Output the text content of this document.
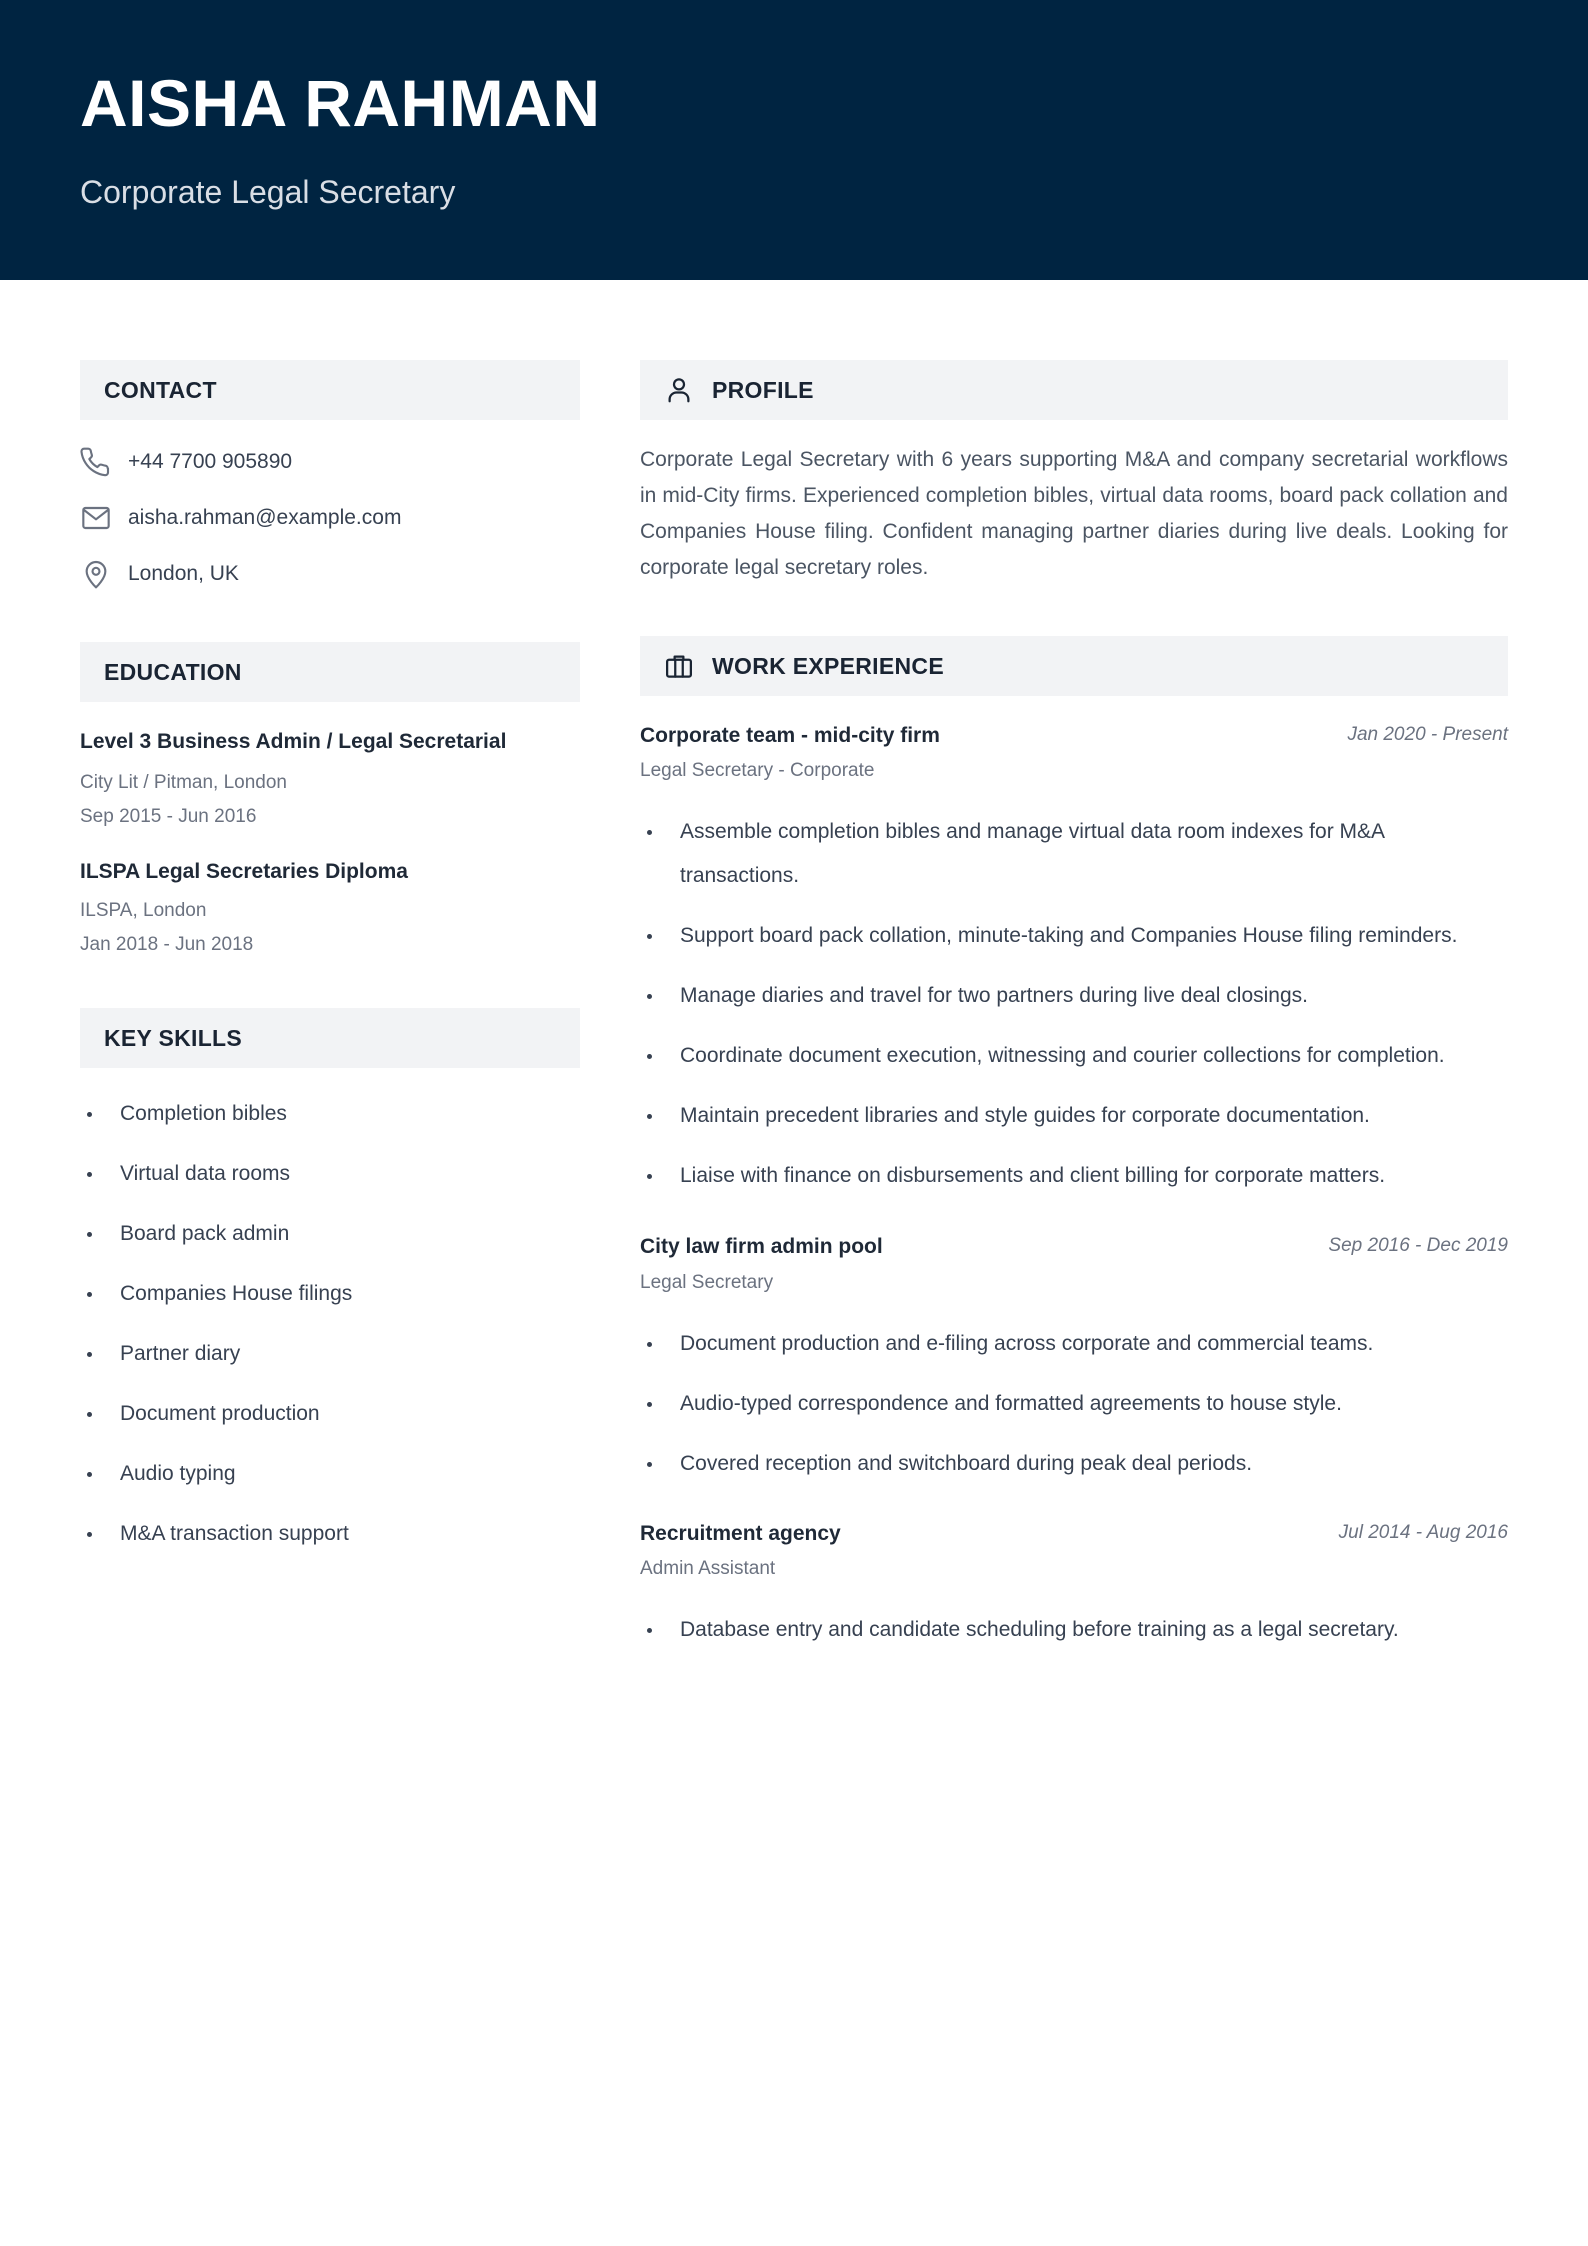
AISHA RAHMAN
Corporate Legal Secretary
CONTACT
+44 7700 905890
aisha.rahman@example.com
London, UK
EDUCATION
Level 3 Business Admin / Legal Secretarial
City Lit / Pitman, London
Sep 2015 - Jun 2016
ILSPA Legal Secretaries Diploma
ILSPA, London
Jan 2018 - Jun 2018
KEY SKILLS
Completion bibles
Virtual data rooms
Board pack admin
Companies House filings
Partner diary
Document production
Audio typing
M&A transaction support
PROFILE

Corporate Legal Secretary with 6 years supporting M&A and company secretarial workflows in mid-City firms. Experienced completion bibles, virtual data rooms, board pack collation and Companies House filing. Confident managing partner diaries during live deals. Looking for corporate legal secretary roles.

WORK EXPERIENCE
Corporate team - mid-city firm	Jan 2020 - Present
Legal Secretary - Corporate
Assemble completion bibles and manage virtual data room indexes for M&A transactions.
Support board pack collation, minute-taking and Companies House filing reminders.
Manage diaries and travel for two partners during live deal closings.
Coordinate document execution, witnessing and courier collections for completion.
Maintain precedent libraries and style guides for corporate documentation.
Liaise with finance on disbursements and client billing for corporate matters.
City law firm admin pool	Sep 2016 - Dec 2019
Legal Secretary
Document production and e-filing across corporate and commercial teams.
Audio-typed correspondence and formatted agreements to house style.
Covered reception and switchboard during peak deal periods.
Recruitment agency	Jul 2014 - Aug 2016
Admin Assistant
Database entry and candidate scheduling before training as a legal secretary.
